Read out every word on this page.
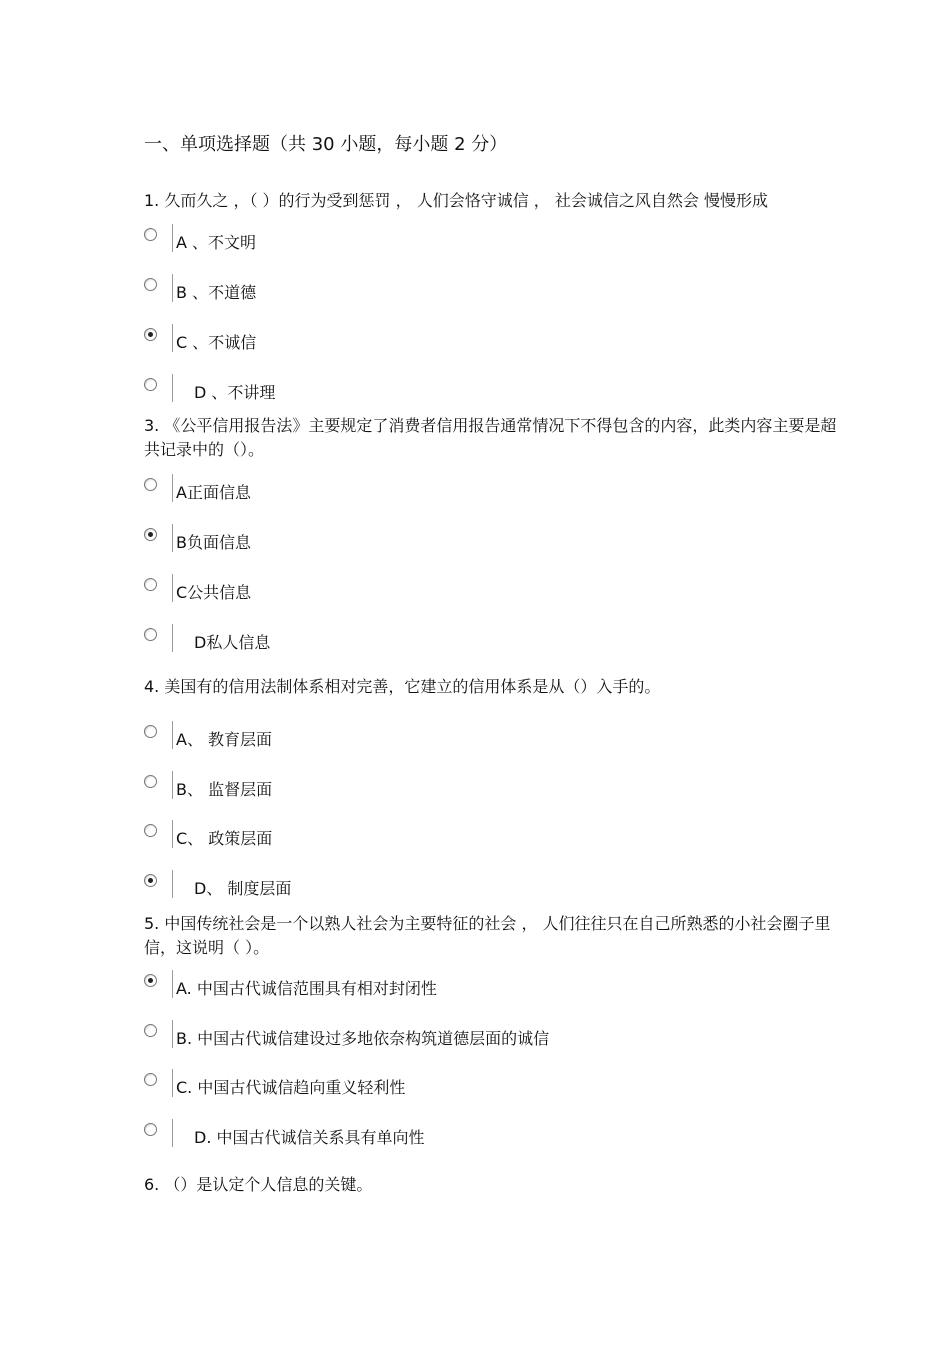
一、单项选择题（共 30 小题，每小题 2 分）
1. 久而久之 ，（ ）的行为受到惩罚 ， 人们会恪守诚信 ， 社会诚信之风自然会 慢慢形成
A 、不文明
B 、不道德
C 、不诚信
D 、不讲理
3. 《公平信用报告法》主要规定了消费者信用报告通常情况下不得包含的内容，此类内容主要是超
共记录中的（）。
A正面信息
B负面信息
C公共信息
D私人信息
4. 美国有的信用法制体系相对完善，它建立的信用体系是从（）入手的。
A、 教育层面
B、 监督层面
C、 政策层面
D、 制度层面
5. 中国传统社会是一个以熟人社会为主要特征的社会 ， 人们往往只在自己所熟悉的小社会圈子里
信，这说明（ ）。
A. 中国古代诚信范围具有相对封闭性
B. 中国古代诚信建设过多地依奈构筑道德层面的诚信
C. 中国古代诚信趋向重义轻利性
D. 中国古代诚信关系具有单向性
6. （）是认定个人信息的关键。
